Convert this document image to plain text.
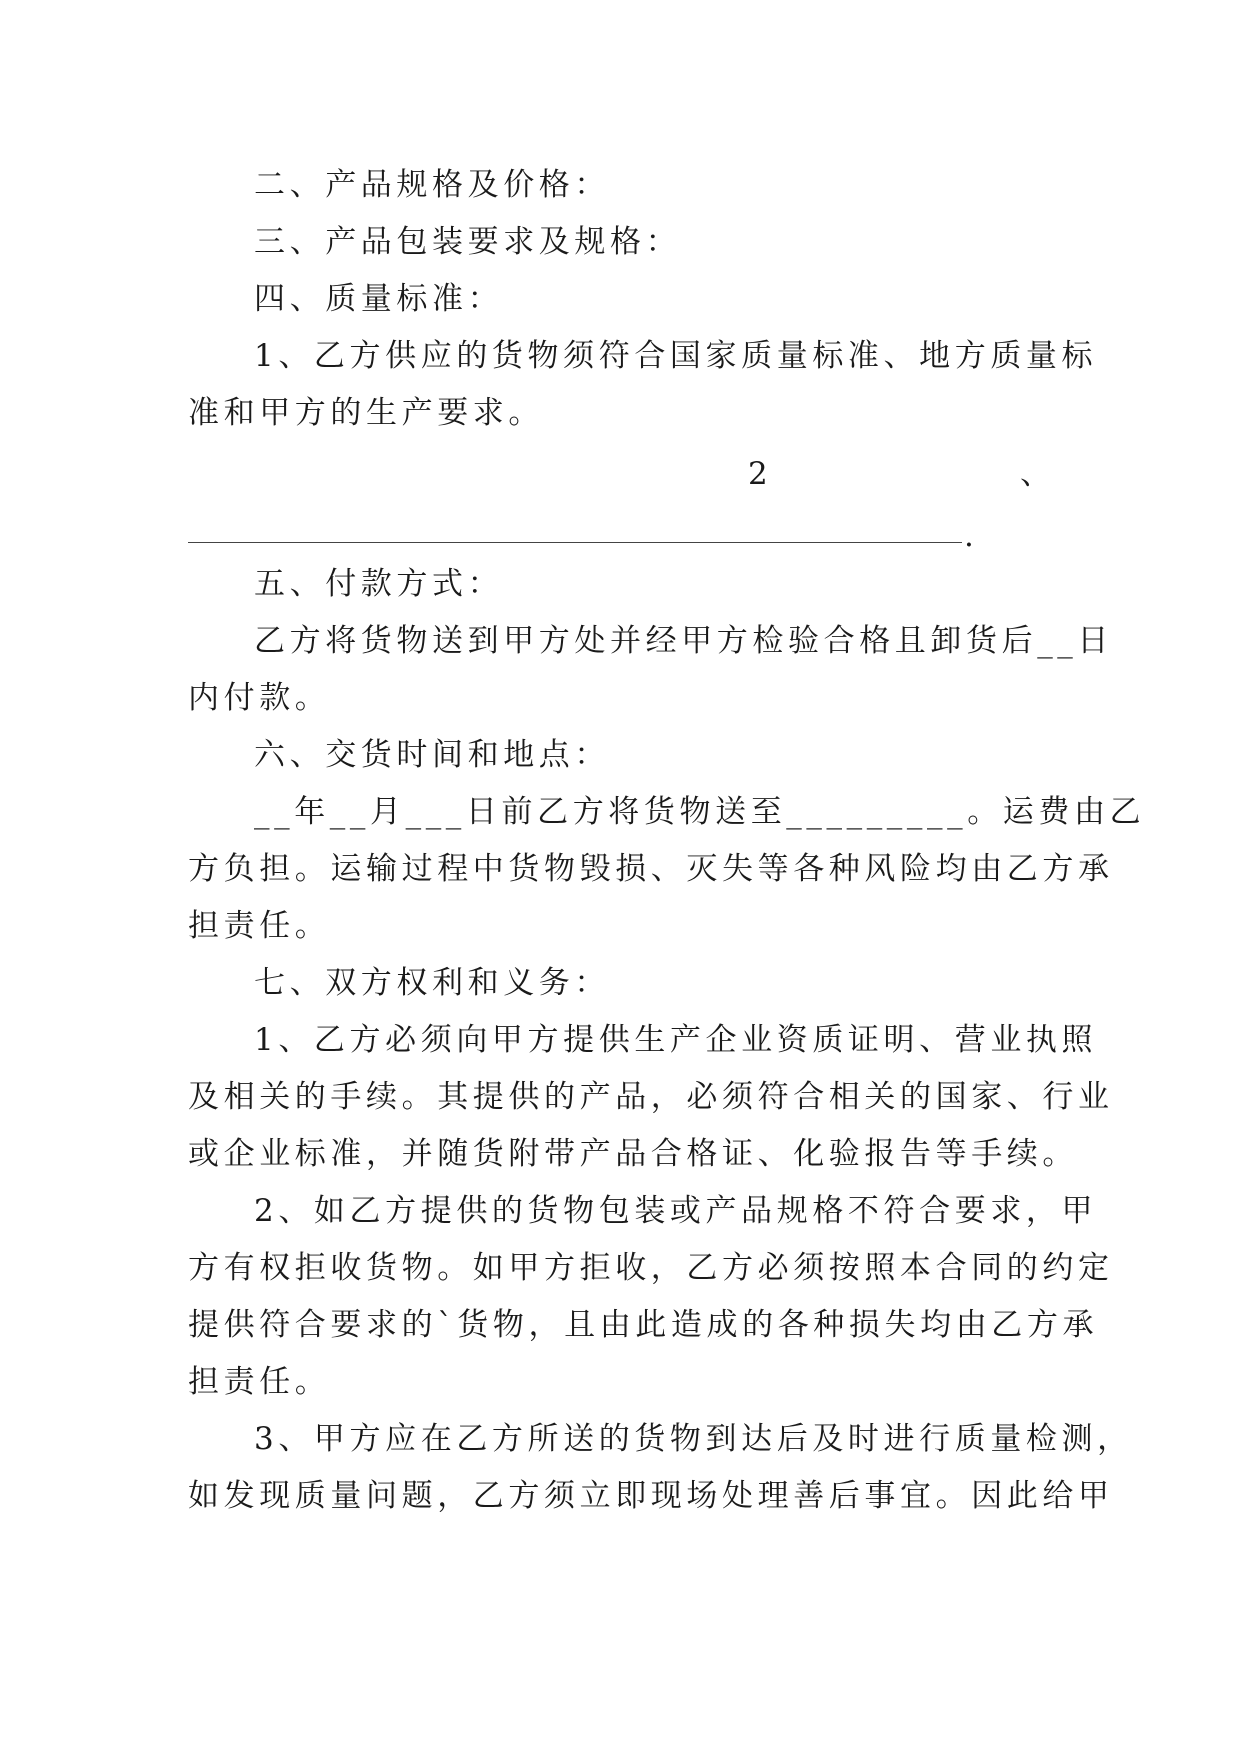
二、产品规格及价格：
三、产品包装要求及规格：
四、质量标准：
1、乙方供应的货物须符合国家质量标准、地方质量标
准和甲方的生产要求。
2	、
.
五、付款方式：
乙方将货物送到甲方处并经甲方检验合格且卸货后__日
内付款。
六、交货时间和地点：
__年__月___日前乙方将货物送至_________。运费由乙
方负担。运输过程中货物毁损、灭失等各种风险均由乙方承
担责任。
七、双方权利和义务：
1、乙方必须向甲方提供生产企业资质证明、营业执照
及相关的手续。其提供的产品，必须符合相关的国家、行业
或企业标准，并随货附带产品合格证、化验报告等手续。
2、如乙方提供的货物包装或产品规格不符合要求，甲
方有权拒收货物。如甲方拒收，乙方必须按照本合同的约定
提供符合要求的`货物，且由此造成的各种损失均由乙方承
担责任。
3、甲方应在乙方所送的货物到达后及时进行质量检测，
如发现质量问题，乙方须立即现场处理善后事宜。因此给甲
